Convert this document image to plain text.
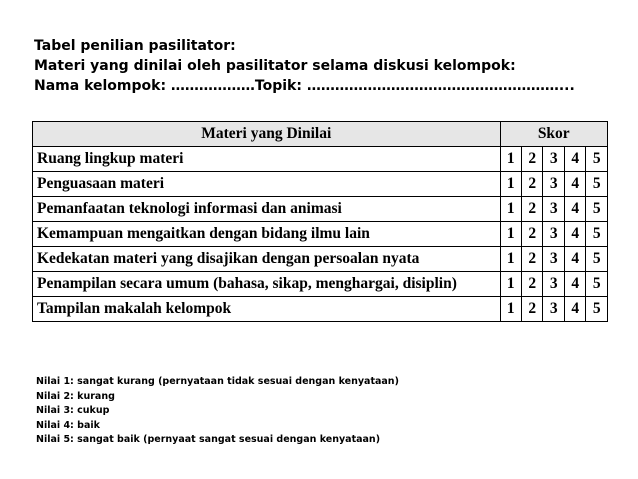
Tabel penilian pasilitator:
Materi yang dinilai oleh pasilitator selama diskusi kelompok:
Nama kelompok: ………………Topik: ………………………………………………...
Materi yang Dinilai	Skor				
Ruang lingkup materi	1	2	3	4	5
Penguasaan materi	1	2	3	4	5
Pemanfaatan teknologi informasi dan animasi	1	2	3	4	5
Kemampuan mengaitkan dengan bidang ilmu lain	1	2	3	4	5
Kedekatan materi yang disajikan dengan persoalan nyata	1	2	3	4	5
Penampilan secara umum (bahasa, sikap, menghargai, disiplin)	1	2	3	4	5
Tampilan makalah kelompok	1	2	3	4	5
Nilai 1: sangat kurang (pernyataan tidak sesuai dengan kenyataan)
Nilai 2: kurang
Nilai 3: cukup
Nilai 4: baik
Nilai 5: sangat baik (pernyaat sangat sesuai dengan kenyataan)
